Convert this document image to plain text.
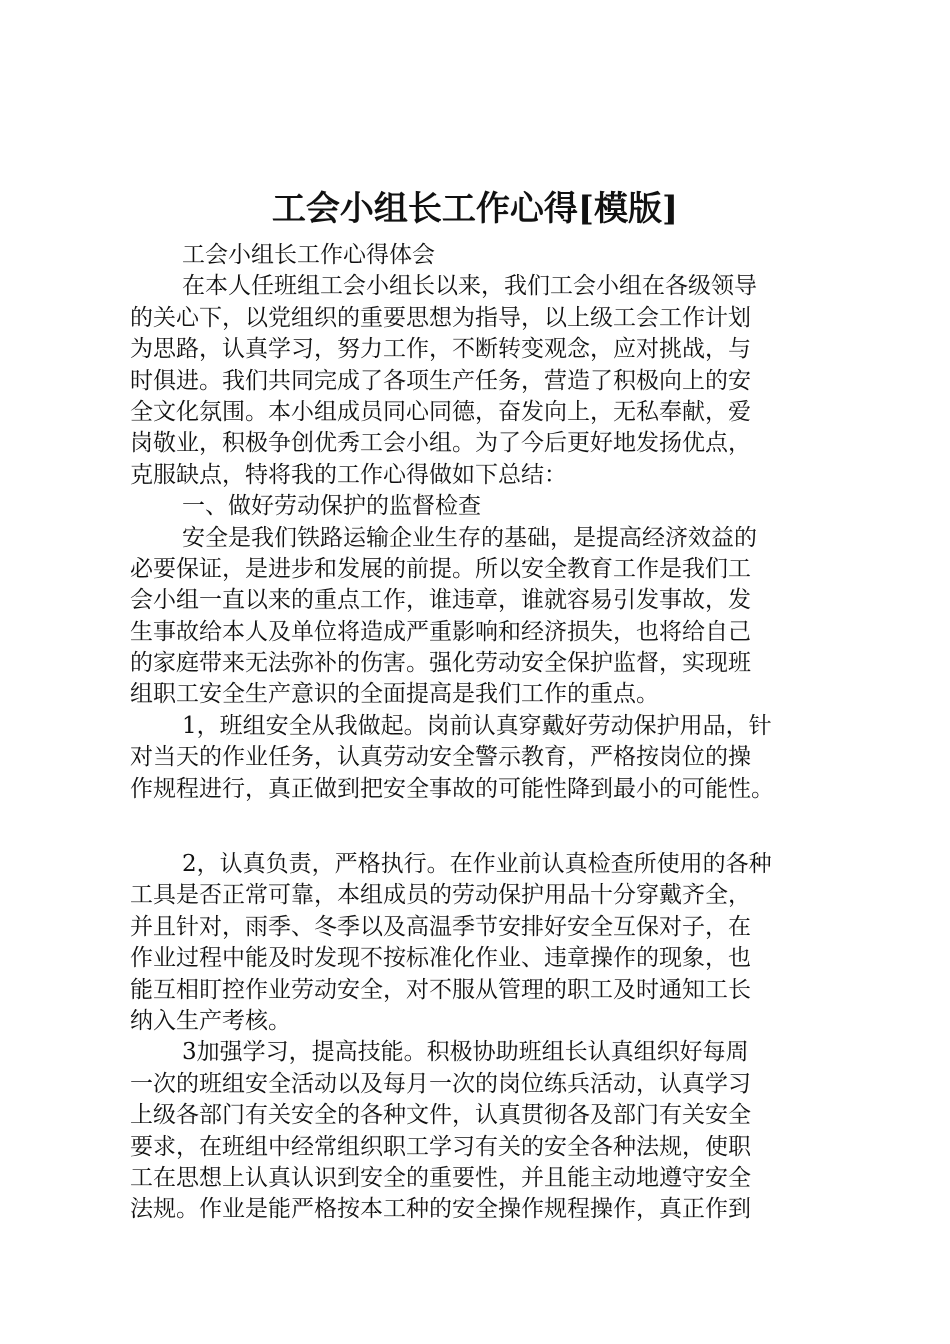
工会小组长工作心得[模版]
工会小组长工作心得体会
在本人任班组工会小组长以来，我们工会小组在各级领导
的关心下，以党组织的重要思想为指导，以上级工会工作计划
为思路，认真学习，努力工作，不断转变观念，应对挑战，与
时俱进。我们共同完成了各项生产任务，营造了积极向上的安
全文化氛围。本小组成员同心同德，奋发向上，无私奉献，爱
岗敬业，积极争创优秀工会小组。为了今后更好地发扬优点，
克服缺点，特将我的工作心得做如下总结：
一、做好劳动保护的监督检查
安全是我们铁路运输企业生存的基础，是提高经济效益的
必要保证，是进步和发展的前提。所以安全教育工作是我们工
会小组一直以来的重点工作，谁违章，谁就容易引发事故，发
生事故给本人及单位将造成严重影响和经济损失，也将给自己
的家庭带来无法弥补的伤害。强化劳动安全保护监督，实现班
组职工安全生产意识的全面提高是我们工作的重点。
1，班组安全从我做起。岗前认真穿戴好劳动保护用品，针
对当天的作业任务，认真劳动安全警示教育，严格按岗位的操
作规程进行，真正做到把安全事故的可能性降到最小的可能性。
2，认真负责，严格执行。在作业前认真检查所使用的各种
工具是否正常可靠，本组成员的劳动保护用品十分穿戴齐全，
并且针对，雨季、冬季以及高温季节安排好安全互保对子，在
作业过程中能及时发现不按标准化作业、违章操作的现象，也
能互相盯控作业劳动安全，对不服从管理的职工及时通知工长
纳入生产考核。
3加强学习，提高技能。积极协助班组长认真组织好每周
一次的班组安全活动以及每月一次的岗位练兵活动，认真学习
上级各部门有关安全的各种文件，认真贯彻各及部门有关安全
要求，在班组中经常组织职工学习有关的安全各种法规，使职
工在思想上认真认识到安全的重要性，并且能主动地遵守安全
法规。作业是能严格按本工种的安全操作规程操作，真正作到
